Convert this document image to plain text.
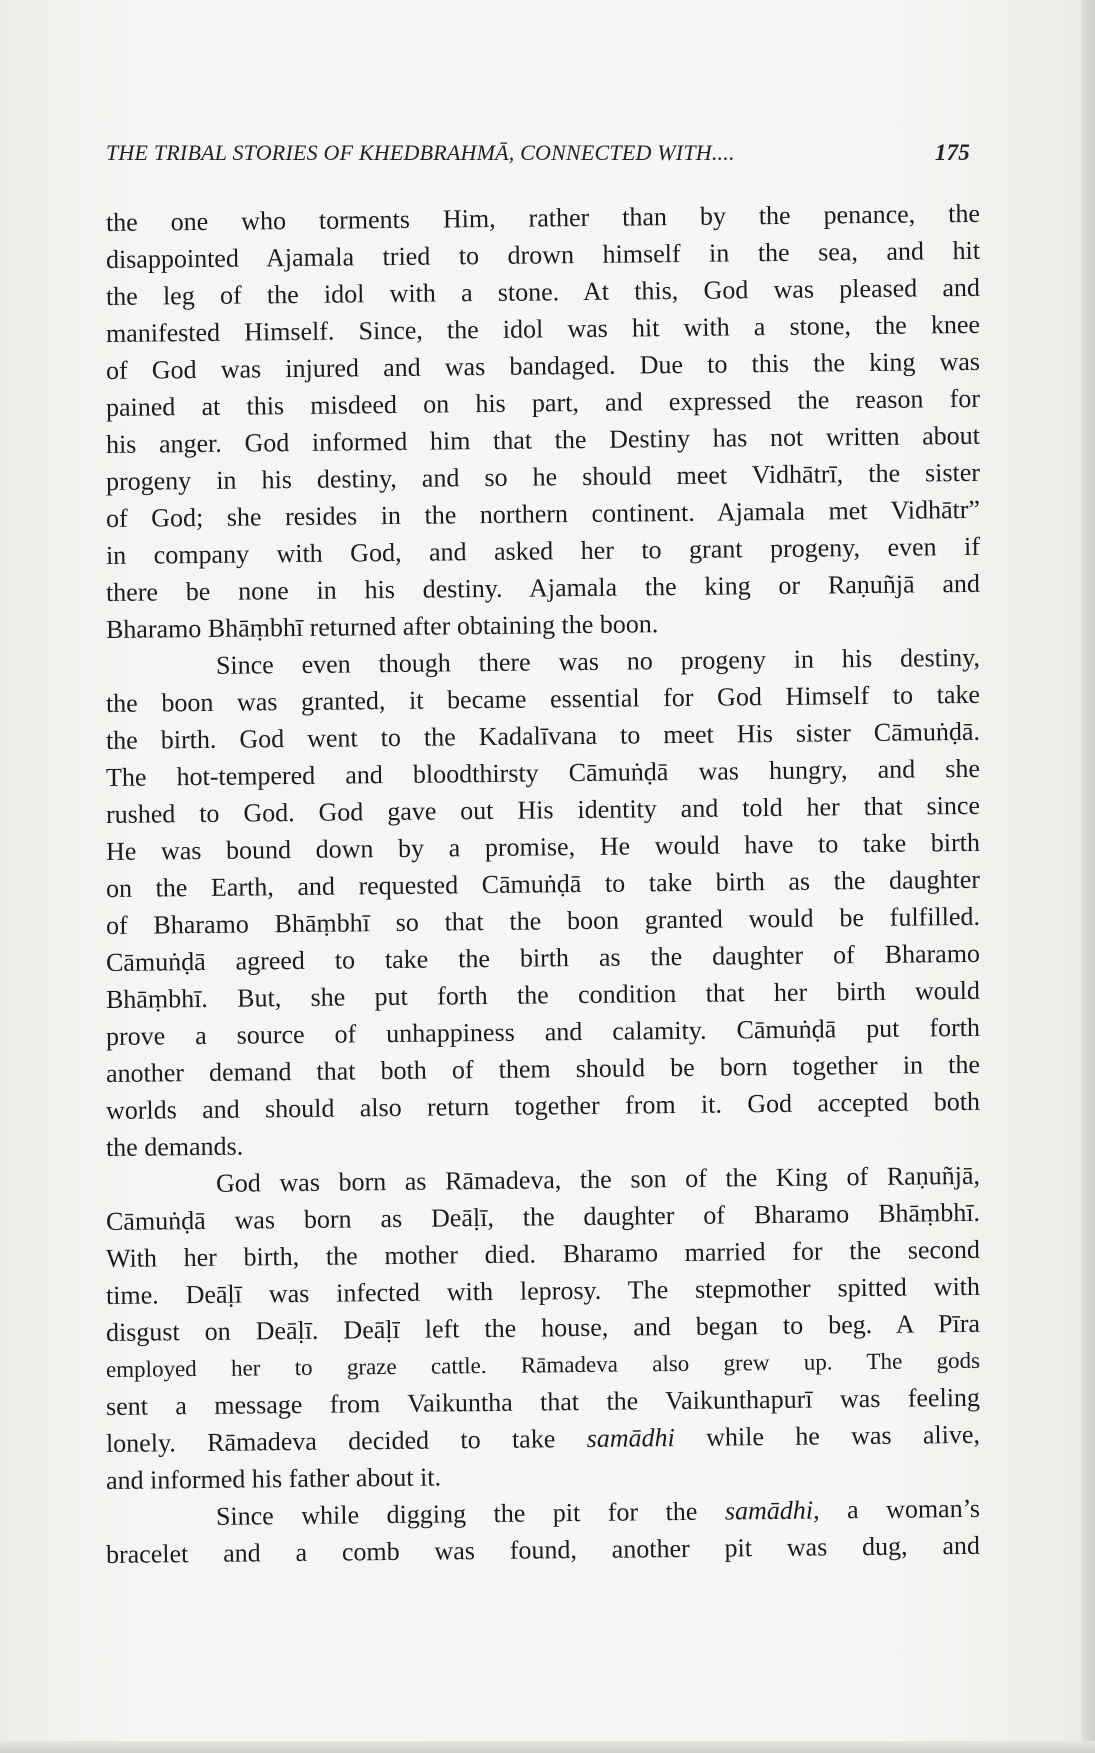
THE TRIBAL STORIES OF KHEDBRAHMĀ, CONNECTED WITH....	175
the one who torments Him, rather than by the penance, the
disappointed Ajamala tried to drown himself in the sea, and hit
the leg of the idol with a stone. At this, God was pleased and
manifested Himself. Since, the idol was hit with a stone, the knee
of God was injured and was bandaged. Due to this the king was
pained at this misdeed on his part, and expressed the reason for
his anger. God informed him that the Destiny has not written about
progeny in his destiny, and so he should meet Vidhātrī, the sister
of God; she resides in the northern continent. Ajamala met Vidhātr”
in company with God, and asked her to grant progeny, even if
there be none in his destiny. Ajamala the king or Raṇuñjā and
Bharamo Bhāṃbhī returned after obtaining the boon.
Since even though there was no progeny in his destiny,
the boon was granted, it became essential for God Himself to take
the birth. God went to the Kadalīvana to meet His sister Cāmuṅḍā.
The hot-tempered and bloodthirsty Cāmuṅḍā was hungry, and she
rushed to God. God gave out His identity and told her that since
He was bound down by a promise, He would have to take birth
on the Earth, and requested Cāmuṅḍā to take birth as the daughter
of Bharamo Bhāṃbhī so that the boon granted would be fulfilled.
Cāmuṅḍā agreed to take the birth as the daughter of Bharamo
Bhāṃbhī. But, she put forth the condition that her birth would
prove a source of unhappiness and calamity. Cāmuṅḍā put forth
another demand that both of them should be born together in the
worlds and should also return together from it. God accepted both
the demands.
God was born as Rāmadeva, the son of the King of Raṇuñjā,
Cāmuṅḍā was born as Deāḷī, the daughter of Bharamo Bhāṃbhī.
With her birth, the mother died. Bharamo married for the second
time. Deāḷī was infected with leprosy. The stepmother spitted with
disgust on Deāḷī. Deāḷī left the house, and began to beg. A Pīra
employed her to graze cattle. Rāmadeva also grew up. The gods
sent a message from Vaikuntha that the Vaikunthapurī was feeling
lonely. Rāmadeva decided to take samādhi while he was alive,
and informed his father about it.
Since while digging the pit for the samādhi, a woman’s
bracelet and a comb was found, another pit was dug, and
